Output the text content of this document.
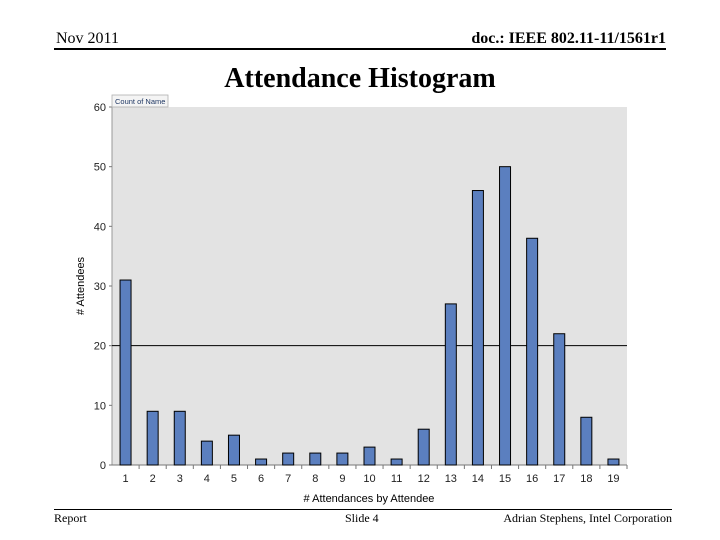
Nov 2011	doc.: IEEE 802.11-11/1561r1
0
10
20
30
40
50
60
1 2 3 4 5 6 7 8 9 10 11 12 13 14 15 16 17 18 19
Count of Name
# Attendees
# Attendances by Attendee
Attendance Histogram
Report	Slide 4	Adrian Stephens, Intel Corporation
